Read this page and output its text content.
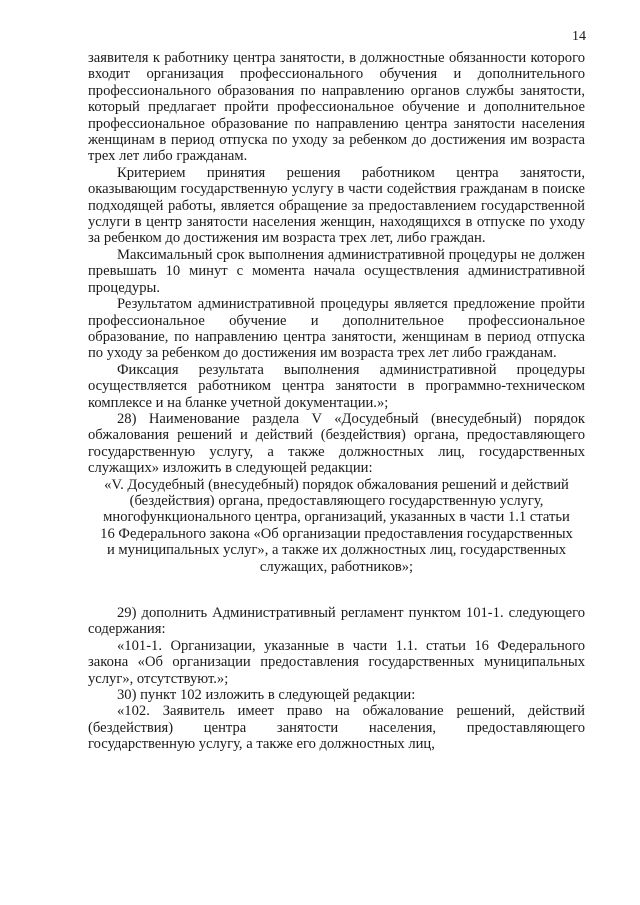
14

заявителя к работнику центра занятости, в должностные обязанности которого входит организация профессионального обучения и дополнительного профессионального образования по направлению органов службы занятости, который предлагает пройти профессиональное обучение и дополнительное профессиональное образование по направлению центра занятости населения женщинам в период отпуска по уходу за ребенком до достижения им возраста трех лет либо гражданам.

Критерием принятия решения работником центра занятости, оказывающим государственную услугу в части содействия гражданам в поиске подходящей работы, является обращение за предоставлением государственной услуги в центр занятости населения женщин, находящихся в отпуске по уходу за ребенком до достижения им возраста трех лет, либо граждан.

Максимальный срок выполнения административной процедуры не должен превышать 10 минут с момента начала осуществления административной процедуры.

Результатом административной процедуры является предложение пройти профессиональное обучение и дополнительное профессиональное образование, по направлению центра занятости, женщинам в период отпуска по уходу за ребенком до достижения им возраста трех лет либо гражданам.

Фиксация результата выполнения административной процедуры осуществляется работником центра занятости в программно-техническом комплексе и на бланке учетной документации.»;

28) Наименование раздела V «Досудебный (внесудебный) порядок обжалования решений и действий (бездействия) органа, предоставляющего государственную услугу, а также должностных лиц, государственных служащих» изложить в следующей редакции:

«V. Досудебный (внесудебный) порядок обжалования решений и действий (бездействия) органа, предоставляющего государственную услугу, многофункционального центра, организаций, указанных в части 1.1 статьи 16 Федерального закона «Об организации предоставления государственных и муниципальных услуг», а также их должностных лиц, государственных служащих, работников»;

29) дополнить Административный регламент пунктом 101-1. следующего содержания:

«101-1. Организации, указанные в части 1.1. статьи 16 Федерального закона «Об организации предоставления государственных муниципальных услуг», отсутствуют.»;

30) пункт 102 изложить в следующей редакции:

«102. Заявитель имеет право на обжалование решений, действий (бездействия) центра занятости населения, предоставляющего государственную услугу, а также его должностных лиц,
